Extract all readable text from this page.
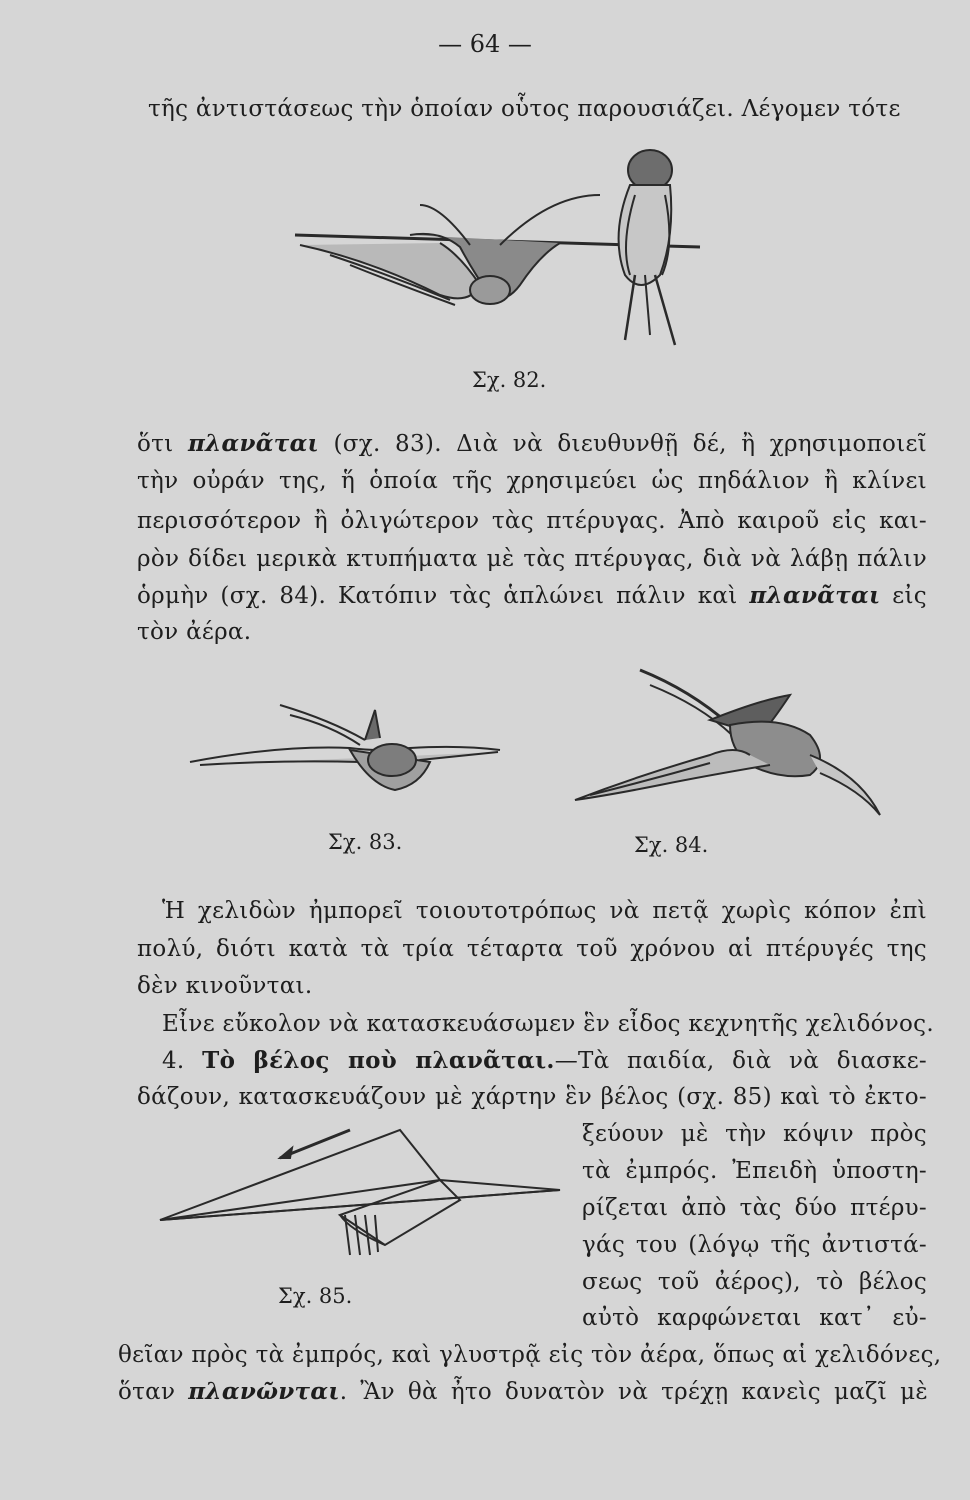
— 64 —
τῆς ἀντιστάσεως τὴν ὁποίαν οὗτος παρουσιάζει. Λέγομεν τότε
Σχ. 82.
ὅτι πλανᾶται (σχ. 83). Διὰ νὰ διευθυνθῇ δέ, ἢ χρησιμοποιεῖ
τὴν οὐράν της, ἥ ὁποία τῆς χρησιμεύει ὡς πηδάλιον ἢ κλίνει
περισσότερον ἢ ὀλιγώτερον τὰς πτέρυγας. Ἀπὸ καιροῦ εἰς και-
ρὸν δίδει μερικὰ κτυπήματα μὲ τὰς πτέρυγας, διὰ νὰ λάβῃ πάλιν
ὁρμὴν (σχ. 84). Κατόπιν τὰς ἁπλώνει πάλιν καὶ πλανᾶται εἰς
τὸν ἀέρα.
Σχ. 83.	Σχ. 84.
Ἡ χελιδὼν ἠμπορεῖ τοιουτοτρόπως νὰ πετᾷ χωρὶς κόπον ἐπὶ
πολύ, διότι κατὰ τὰ τρία τέταρτα τοῦ χρόνου αἱ πτέρυγές της
δὲν κινοῦνται.
Εἶνε εὔκολον νὰ κατασκευάσωμεν ἓν εἶδος κεχνητῆς χελιδόνος.
4. Τὸ βέλος ποὺ πλανᾶται.—Τὰ παιδία, διὰ νὰ διασκε-
δάζουν, κατασκευάζουν μὲ χάρτην ἓν βέλος (σχ. 85) καὶ τὸ ἐκτο-
ξεύουν μὲ τὴν κόψιν πρὸς
τὰ ἐμπρός. Ἐπειδὴ ὑποστη-
ρίζεται ἀπὸ τὰς δύο πτέρυ-
γάς του (λόγῳ τῆς ἀντιστά-
σεως τοῦ ἀέρος), τὸ βέλος
αὐτὸ καρφώνεται κατ᾽ εὐ-
Σχ. 85.
θεῖαν πρὸς τὰ ἐμπρός, καὶ γλυστρᾷ εἰς τὸν ἀέρα, ὅπως αἱ χελιδόνες,
ὅταν πλανῶνται. Ἂν θὰ ἦτο δυνατὸν νὰ τρέχῃ κανεὶς μαζῖ μὲ
